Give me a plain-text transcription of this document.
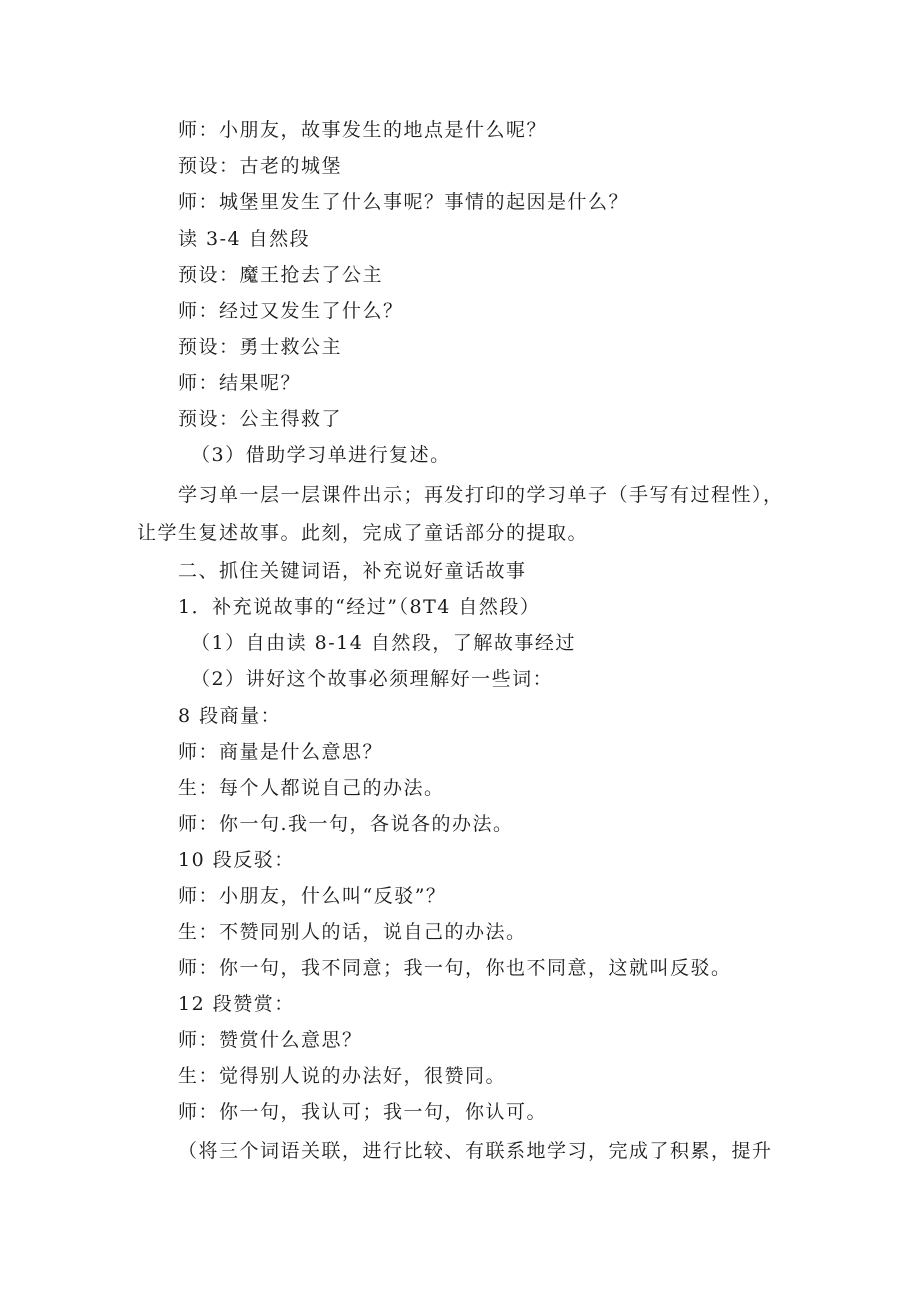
师：小朋友，故事发生的地点是什么呢？
预设：古老的城堡
师：城堡里发生了什么事呢？事情的起因是什么？
读 3-4 自然段
预设：魔王抢去了公主
师：经过又发生了什么？
预设：勇士救公主
师：结果呢？
预设：公主得救了
（3）借助学习单进行复述。
学习单一层一层课件出示；再发打印的学习单子（手写有过程性），
让学生复述故事。此刻，完成了童话部分的提取。
二、抓住关键词语，补充说好童话故事
1．补充说故事的“经过”（8T4 自然段）
（1）自由读 8-14 自然段，了解故事经过
（2）讲好这个故事必须理解好一些词：
8 段商量：
师：商量是什么意思？
生：每个人都说自己的办法。
师：你一句.我一句，各说各的办法。
10 段反驳：
师：小朋友，什么叫“反驳”？
生：不赞同别人的话，说自己的办法。
师：你一句，我不同意；我一句，你也不同意，这就叫反驳。
12 段赞赏：
师：赞赏什么意思？
生：觉得别人说的办法好，很赞同。
师：你一句，我认可；我一句，你认可。
（将三个词语关联，进行比较、有联系地学习，完成了积累，提升
